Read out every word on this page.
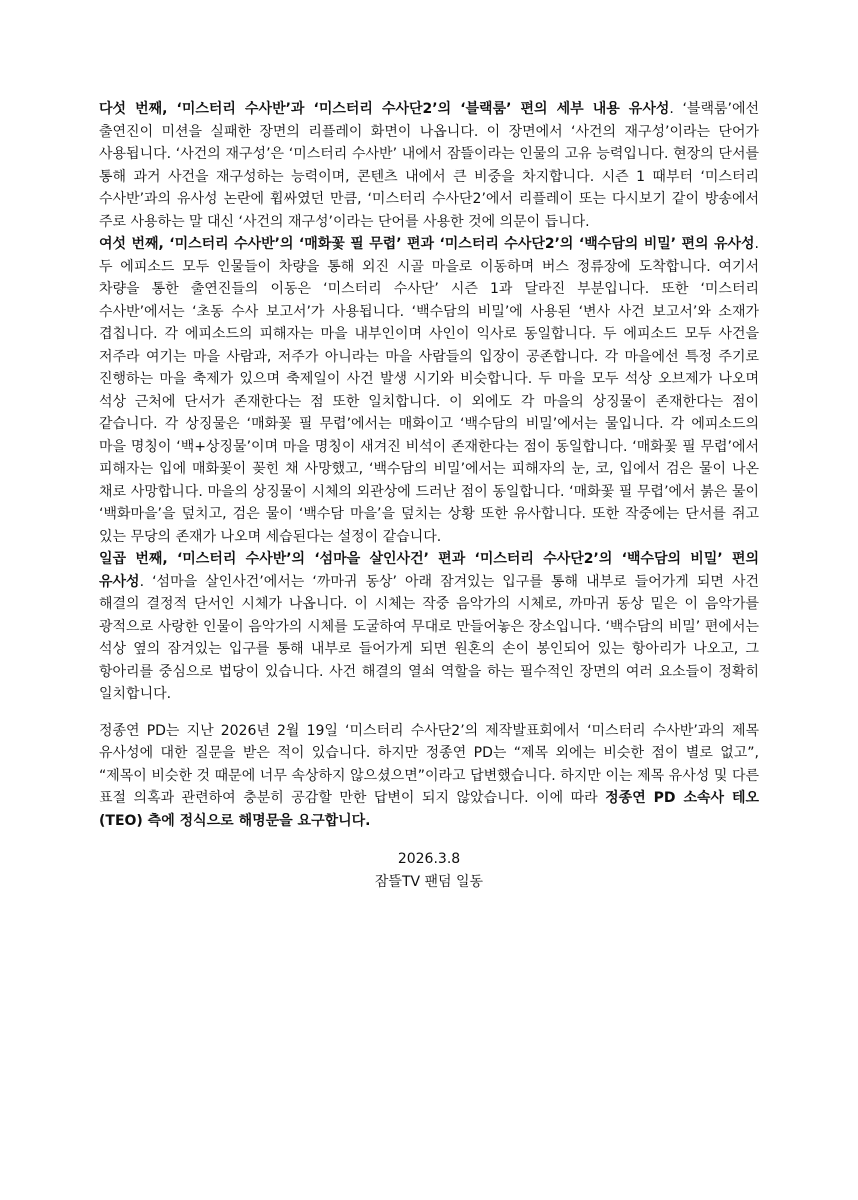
다섯 번째, ‘미스터리 수사반’과 ‘미스터리 수사단2’의 ‘블랙룸’ 편의 세부 내용 유사성. ‘블랙룸’에선 출연진이 미션을 실패한 장면의 리플레이 화면이 나옵니다. 이 장면에서 ‘사건의 재구성’이라는 단어가 사용됩니다. ‘사건의 재구성’은 ‘미스터리 수사반’ 내에서 잠뜰이라는 인물의 고유 능력입니다. 현장의 단서를 통해 과거 사건을 재구성하는 능력이며, 콘텐츠 내에서 큰 비중을 차지합니다. 시즌 1 때부터 ‘미스터리 수사반’과의 유사성 논란에 휩싸였던 만큼, ‘미스터리 수사단2’에서 리플레이 또는 다시보기 같이 방송에서 주로 사용하는 말 대신 ‘사건의 재구성’이라는 단어를 사용한 것에 의문이 듭니다.

여섯 번째, ‘미스터리 수사반’의 ‘매화꽃 필 무렵’ 편과 ‘미스터리 수사단2’의 ‘백수담의 비밀’ 편의 유사성. 두 에피소드 모두 인물들이 차량을 통해 외진 시골 마을로 이동하며 버스 정류장에 도착합니다. 여기서 차량을 통한 출연진들의 이동은 ‘미스터리 수사단’ 시즌 1과 달라진 부분입니다. 또한 ‘미스터리 수사반’에서는 ‘초동 수사 보고서’가 사용됩니다. ‘백수담의 비밀’에 사용된 ‘변사 사건 보고서’와 소재가 겹칩니다. 각 에피소드의 피해자는 마을 내부인이며 사인이 익사로 동일합니다. 두 에피소드 모두 사건을 저주라 여기는 마을 사람과, 저주가 아니라는 마을 사람들의 입장이 공존합니다. 각 마을에선 특정 주기로 진행하는 마을 축제가 있으며 축제일이 사건 발생 시기와 비슷합니다. 두 마을 모두 석상 오브제가 나오며 석상 근처에 단서가 존재한다는 점 또한 일치합니다. 이 외에도 각 마을의 상징물이 존재한다는 점이 같습니다. 각 상징물은 ‘매화꽃 필 무렵’에서는 매화이고 ‘백수담의 비밀’에서는 물입니다. 각 에피소드의 마을 명칭이 ‘백+상징물’이며 마을 명칭이 새겨진 비석이 존재한다는 점이 동일합니다. ‘매화꽃 필 무렵’에서 피해자는 입에 매화꽃이 꽂힌 채 사망했고, ‘백수담의 비밀’에서는 피해자의 눈, 코, 입에서 검은 물이 나온 채로 사망합니다. 마을의 상징물이 시체의 외관상에 드러난 점이 동일합니다. ‘매화꽃 필 무렵’에서 붉은 물이 ‘백화마을’을 덮치고, 검은 물이 ‘백수담 마을’을 덮치는 상황 또한 유사합니다. 또한 작중에는 단서를 쥐고 있는 무당의 존재가 나오며 세습된다는 설정이 같습니다.

일곱 번째, ‘미스터리 수사반’의 ‘섬마을 살인사건’ 편과 ‘미스터리 수사단2’의 ‘백수담의 비밀’ 편의 유사성. ‘섬마을 살인사건’에서는 ‘까마귀 동상’ 아래 잠겨있는 입구를 통해 내부로 들어가게 되면 사건 해결의 결정적 단서인 시체가 나옵니다. 이 시체는 작중 음악가의 시체로, 까마귀 동상 밑은 이 음악가를 광적으로 사랑한 인물이 음악가의 시체를 도굴하여 무대로 만들어놓은 장소입니다. ‘백수담의 비밀’ 편에서는 석상 옆의 잠겨있는 입구를 통해 내부로 들어가게 되면 원혼의 손이 봉인되어 있는 항아리가 나오고, 그 항아리를 중심으로 법당이 있습니다. 사건 해결의 열쇠 역할을 하는 필수적인 장면의 여러 요소들이 정확히 일치합니다.

정종연 PD는 지난 2026년 2월 19일 ‘미스터리 수사단2’의 제작발표회에서 ‘미스터리 수사반’과의 제목 유사성에 대한 질문을 받은 적이 있습니다. 하지만 정종연 PD는 “제목 외에는 비슷한 점이 별로 없고”, “제목이 비슷한 것 때문에 너무 속상하지 않으셨으면”이라고 답변했습니다. 하지만 이는 제목 유사성 및 다른 표절 의혹과 관련하여 충분히 공감할 만한 답변이 되지 않았습니다. 이에 따라 정종연 PD 소속사 테오(TEO) 측에 정식으로 해명문을 요구합니다.

2026.3.8
잠뜰TV 팬덤 일동
